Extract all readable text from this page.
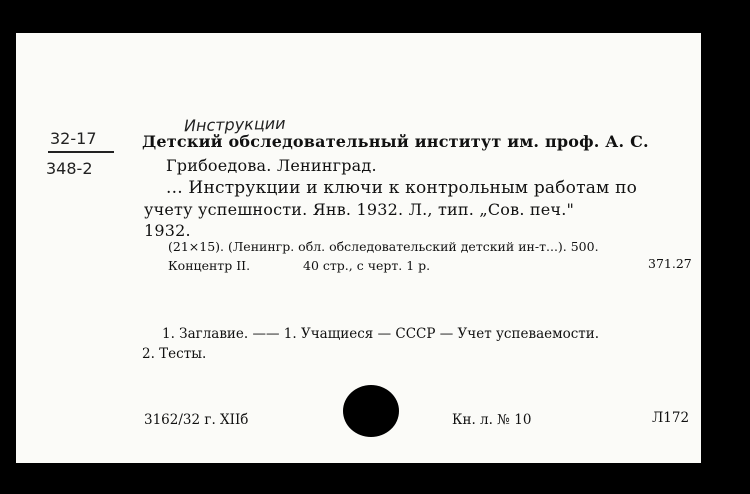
Инструкции
32-17
348-2
Детский обследовательный институт им. проф. А. С.
Грибоедова. Ленинград.
... Инструкции и ключи к контрольным работам по
учету успешности. Янв. 1932. Л., тип. „Сов. печ."
1932.
(21×15). (Ленингр. обл. обследовательский детский ин-т...). 500.
Концентр II.	40 стр., с черт. 1 р.	371.27
1. Заглавие. —— 1. Учащиеся — СССР — Учет успеваемости.
2. Тесты.
3162/32 г. XIIб	Кн. л. № 10	Л172
